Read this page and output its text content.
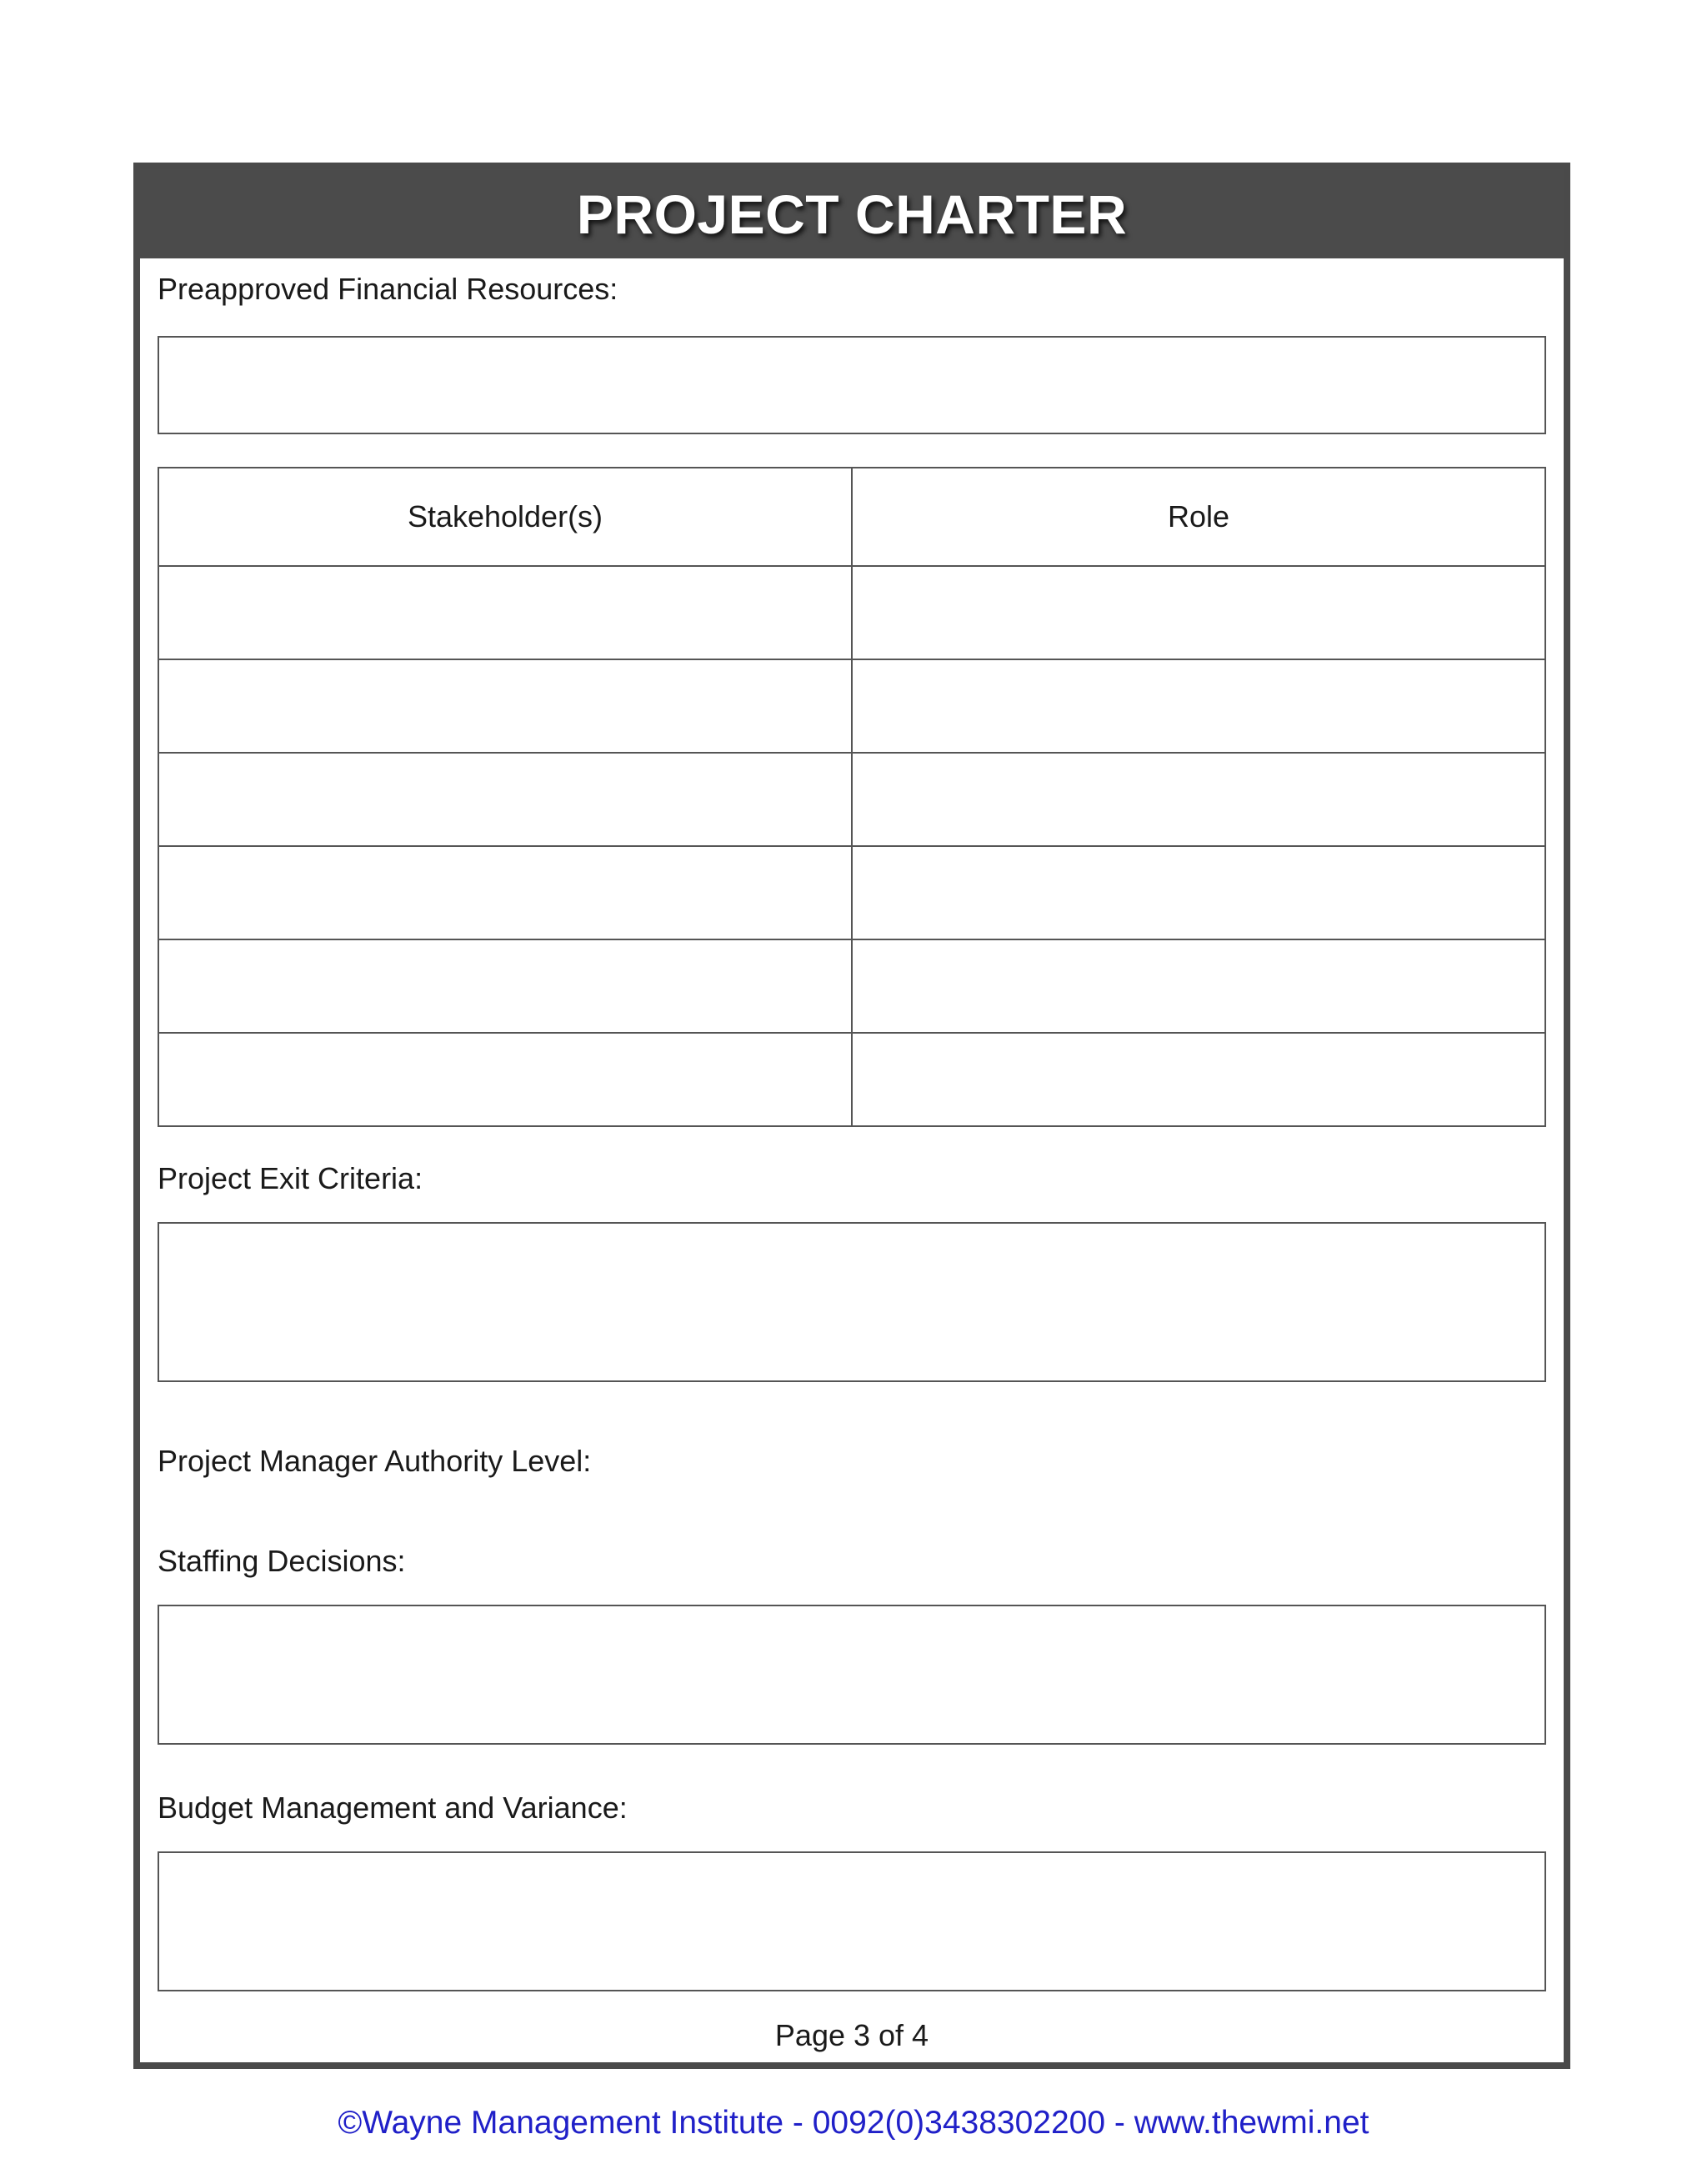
PROJECT CHARTER
Preapproved Financial Resources:
Stakeholder(s)	Role

Project Exit Criteria:
Project Manager Authority Level:
Staffing Decisions:
Budget Management and Variance:
Page 3 of 4
©Wayne Management Institute - 0092(0)3438302200 - www.thewmi.net
